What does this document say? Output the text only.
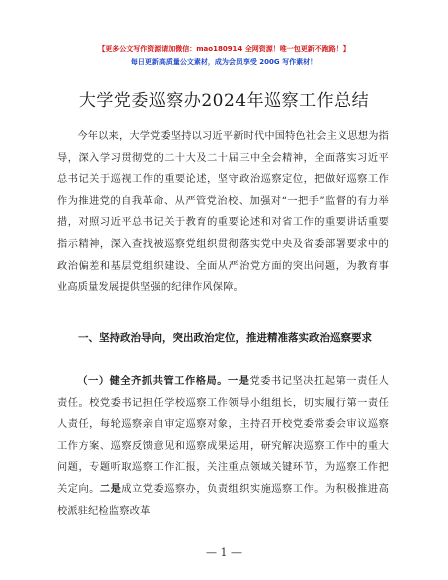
【更多公文写作资源请加微信：mao180914 全网资源！唯一包更新不跑路！】
每日更新高质量公文素材，成为会员享受 200G 写作素材！
大学党委巡察办2024年巡察工作总结

今年以来，大学党委坚持以习近平新时代中国特色社会主义思想为指导，深入学习贯彻党的二十大及二十届三中全会精神，全面落实习近平总书记关于巡视工作的重要论述，坚守政治巡察定位，把做好巡察工作作为推进党的自我革命、从严管党治校、加强对“一把手”监督的有力举措，对照习近平总书记关于教育的重要论述和对省工作的重要讲话重要指示精神，深入查找被巡察党组织贯彻落实党中央及省委部署要求中的政治偏差和基层党组织建设、全面从严治党方面的突出问题，为教育事业高质量发展提供坚强的纪律作风保障。

一、坚持政治导向，突出政治定位，推进精准落实政治巡察要求

（一）健全齐抓共管工作格局。一是党委书记坚决扛起第一责任人责任。校党委书记担任学校巡察工作领导小组组长，切实履行第一责任人责任，每轮巡察亲自审定巡察对象，主持召开校党委常委会审议巡察工作方案、巡察反馈意见和巡察成果运用，研究解决巡察工作中的重大问题，专题听取巡察工作汇报，关注重点领域关键环节，为巡察工作把关定向。二是成立党委巡察办，负责组织实施巡察工作。为积极推进高校派驻纪检监察改革

— 1 —
